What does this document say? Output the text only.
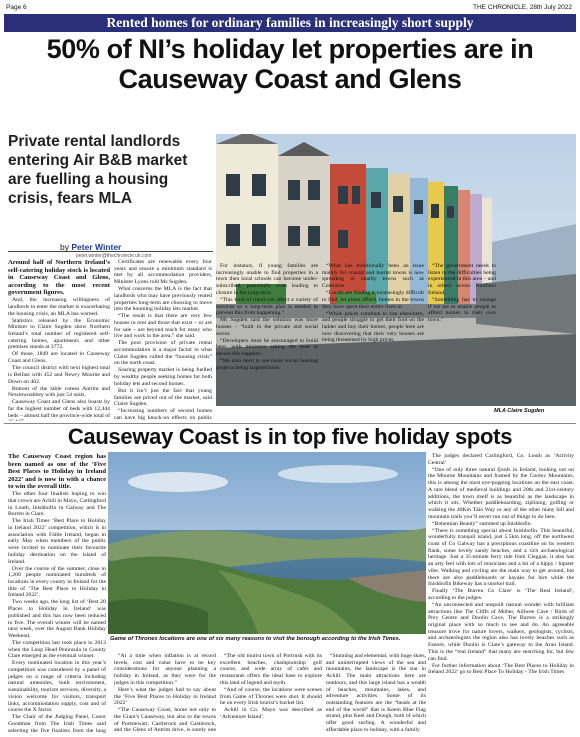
Page 6	THE CHRONICLE, 28th July 2022
Rented homes for ordinary families in increasingly short supply
50% of NI’s holiday let properties are in Causeway Coast and Glens
Private rental landlords entering Air B&B market are fuelling a housing crisis, fears MLA
by Peter Winter
peter.winter@thechronicle.uk.com
MLA Claire Sugden

Around half of Northern Ireland’s self-catering holiday stock is located in Causeway Coast and Glens, according to the most recent government figures.

And, the increasing willingness of landlords to enter the market is exacerbating the housing crisis, an MLA has warned.

Statistics released by the Economic Minister to Claire Sugden show Northern Ireland’s total number of registered self-catering homes, apartments and other premises stands at 3772.

Of those, 1849 are located in Causeway Coast and Glens.

The council district with next highest total is Belfast with 452 and Newry Mourne and Down on 402.

Bottom of the table comes Antrim and Newtownabbey with just 54 units.

Causeway Coast and Glens also boasts by far the highest number of beds with 12,444 beds – almost half the province-wide total of

Certificates are renewable every four years and ensure a minimum standard is met by all accommodation providers, Minister Lyons told Ms Sugden.

What concerns the MLA is the fact that landlords who may have previously rented properties long-term are choosing to move into the booming holiday lets market.

“The result is that there are very few houses to rent and those that exist – or are for sale – are beyond reach for many who live and work in the area,” she said.

The poor provision of private rental accommodation is a major factor in what Claire Sugden called the “housing crisis” on the north coast.

Soaring property market is being fuelled by wealthy people seeking homes for both holiday lets and second homes.

But it isn’t just the fact that young families are priced out of the market, said Claire Sugden.

“Increasing numbers of second homes can have big knock-on effects on public

For instance, if young families are increasingly unable to find properties in a town then local schools can become under-subscribed, potentially even leading to closure in the long-term.

“This kind of trend can affect a variety of services so a long-term plan is needed to prevent this from happening.”

Ms Sugden said the solution was more houses – “built in the private and social sector.

“Developers must be encouraged to build here, with ministers taking the lead to ensure this happens.

“We also need to see more social housing projects being targeted here.

“What has traditionally been an issue mainly for coastal and tourist towns is now spreading to nearby towns such as Coleraine.

“Locals are finding it increasingly difficult to find, let alone afford, homes in the towns they have spent their entire lives in.

“While prices continue to rise elsewhere, and people struggle to get their foot on the ladder and buy their homes, people here are now discovering that their very houses are being threatened by high prices.

“The government needs to listen to the difficulties being experienced in this area – and in others across Northern Ireland.

“Something has to change if we are to enable people to afford homes in their own town.”

Causeway Coast is in top five holiday spots

The Causeway Coast region has been named as one of the ‘Five Best Places to Holiday in Ireland 2022’ and is now in with a chance to win the overall title.

The other four finalists hoping to win that crown are Achill in Mayo, Carlingford in Louth, Inishbofin in Galway and The Burren in Clare.

The Irish Times ‘Best Place to Holiday in Ireland 2022’ competition, which is in association with Fáilte Ireland, began in early May when members of the public were invited to nominate their favourite holiday destination on the island of Ireland.

Over the course of the summer, close to 1,200 people nominated hundreds of locations in every county in Ireland for the title of ‘The Best Place to Holiday in Ireland 2022’.

Two weeks ago, the long list of ‘Best 20 Places to Holiday in Ireland’ was published and this has now been reduced to five. The overall winner will be named next week, over the August Bank Holiday Weekend.

The competition last took place in 2013 when the Loop Head Peninsula in County Clare emerged as the eventual winner.

Every nominated location in this year’s competition was considered by a panel of judges on a range of criteria including natural amenities, built environment, sustainability, tourism services, diversity, a vision welcome for visitors, transport links, accommodation supply, cost and of course the X factor.

The Chair of the Judging Panel, Conor Goodman from The Irish Times said selecting the five finalists from the long

Game of Thrones locations are one of six many reasons to visit the borough according to the Irish Times.

“At a time when inflation is at record levels, cost and value have to be key considerations for anyone planning a holiday in Ireland, as they were for the judges in this competition.”

Here’s what the judges had to say about the ‘Five Best Places to Holiday in Ireland 2022’

“The Causeway Coast, home not only to the Giant’s Causeway, but also to the towns of Portstewart, Castlerock and Castlerock, and the Glens of Antrim drive, is surely one

“The old tourist town of Portrush with its excellent beaches, championship golf course, and wide array of cafés and restaurants offers the ideal base to explore this land of legend and myth.

“And of course, the locations were scenes from Game of Thrones were shot. It should be on every Irish tourist’s bucket list.

Achill in Co. Mayo was described as ‘Adventure Island’.

“Stunning and elemental, with huge skies, and uninterrupted views of the sea and mountains, the landscape is the star in Achill. The main attractions here are outdoors, and this large island has a wealth of beaches, mountains, lakes, and adventure activities. Some of its outstanding features are the “beads at the end of the world” that is Keem Blue Flag strand, plus Keel and Doogh, both of which offer good surfing. A wonderful and affordable place to holiday, with a family

The judges declared Carlingford, Co. Louth as ‘Activity Central’

“One of only three natural fjords in Ireland, looking out on the Mourne Mountains and framed by the Cooley Mountains, this is among the most eye-popping locations on the east coast. A rare blend of medieval buildings and 20th and 21st-century additions, the town itself is as beautiful as the landscape in which it sits. Whether paddleboarding, ziplining, golfing or walking the 40Km Táin Way or any of the other many hill and mountain trails you’ll never run out of things to do here.

“Bohemian Beauty” summed up Inishbofin.

“There is something special about Inishbofin. This beautiful, wonderfully tranquil island, just 5.5km long, off the northwest coast of Co Galway has a precipitous coastline on its western flank, some lovely sandy beaches, and a rich archaeological heritage. Just a 35-minute ferry ride from Cleggan, it also has an arty feel with lots of musicians and a bit of a hippy / hipster vibe. Walking and cycling are the main way to get around, but there are also paddleboards or kayaks for hire while the Inishbofin Bikeway has a snorkel trail.

Finally ‘The Burren Co Clare’ is ‘The Real Ireland’, according to the judges.

“An unconnected and unspoilt natural wonder with brilliant attractions like The Cliffs of Moher, Aillwee Cave / Birds of Prey Centre and Doolin Cave, The Burren is a strikingly original place with so much to see and do. An agreeable treasure trove for nature lovers, walkers, geologists, cyclists, and archaeologists the region also has lovely beaches such as Fanore, while Doolin is Clare’s gateway to the Aran Island. This is the “real Ireland” that many are searching for, but few can find.

For further information about ‘The Best Places to Holiday in Ireland 2022’ go to Best Place To Holiday - The Irish Times
